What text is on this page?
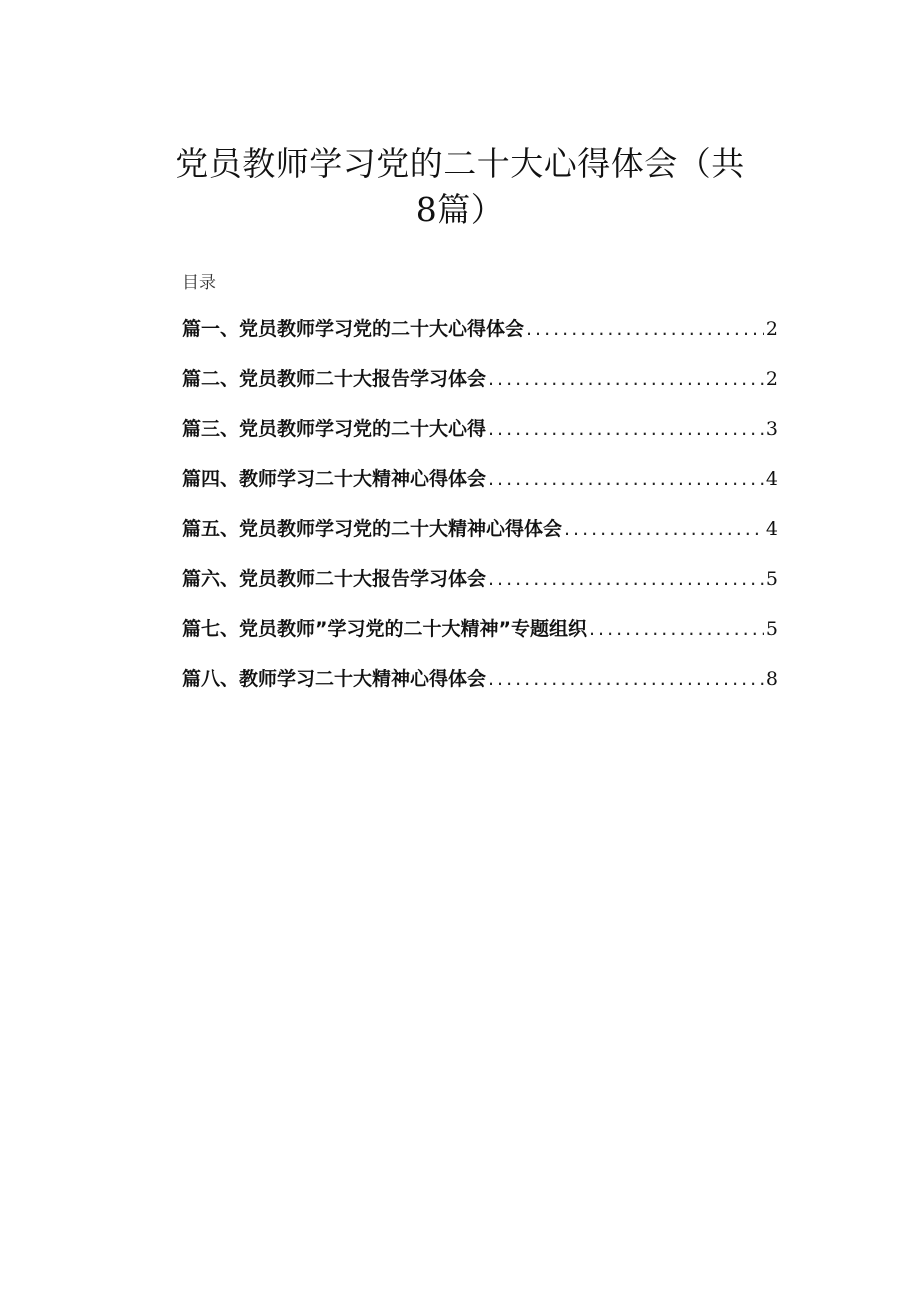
党员教师学习党的二十大心得体会（共
8篇）
目录
篇一、党员教师学习党的二十大心得体会 .....	2
篇二、党员教师二十大报告学习体会 .....	2
篇三、党员教师学习党的二十大心得 .....	3
篇四、教师学习二十大精神心得体会 .....	4
篇五、党员教师学习党的二十大精神心得体会 .....	4
篇六、党员教师二十大报告学习体会 .....	5
篇七、党员教师”学习党的二十大精神”专题组织 .....	5
篇八、教师学习二十大精神心得体会 .....	8
